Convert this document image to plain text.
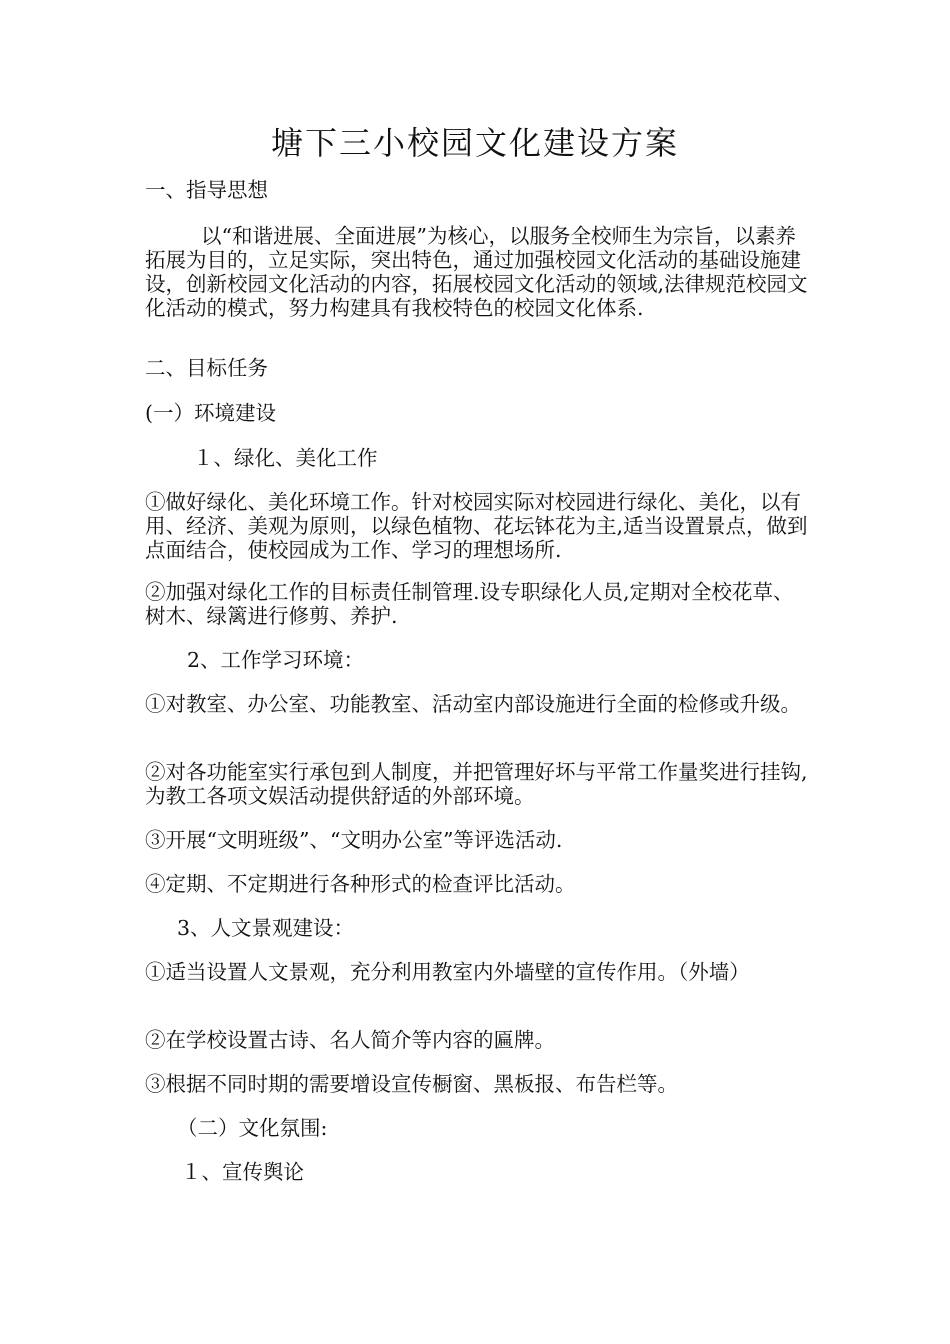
塘下三小校园文化建设方案

一、指导思想

以“和谐进展、全面进展”为核心，以服务全校师生为宗旨，以素养拓展为目的，立足实际，突出特色，通过加强校园文化活动的基础设施建设，创新校园文化活动的内容，拓展校园文化活动的领域,法律规范校园文化活动的模式，努力构建具有我校特色的校园文化体系.

二、目标任务

(一）环境建设

１、绿化、美化工作

①做好绿化、美化环境工作。针对校园实际对校园进行绿化、美化，以有用、经济、美观为原则，以绿色植物、花坛钵花为主,适当设置景点，做到点面结合，使校园成为工作、学习的理想场所.

②加强对绿化工作的目标责任制管理.设专职绿化人员,定期对全校花草、树木、绿篱进行修剪、养护.

2、工作学习环境：

①对教室、办公室、功能教室、活动室内部设施进行全面的检修或升级。

②对各功能室实行承包到人制度，并把管理好坏与平常工作量奖进行挂钩,为教工各项文娱活动提供舒适的外部环境。

③开展“文明班级”、“文明办公室”等评选活动.

④定期、不定期进行各种形式的检查评比活动。

3、人文景观建设：

①适当设置人文景观，充分利用教室内外墙壁的宣传作用。（外墙）

②在学校设置古诗、名人简介等内容的匾牌。

③根据不同时期的需要增设宣传橱窗、黑板报、布告栏等。

（二）文化氛围:

１、宣传舆论
